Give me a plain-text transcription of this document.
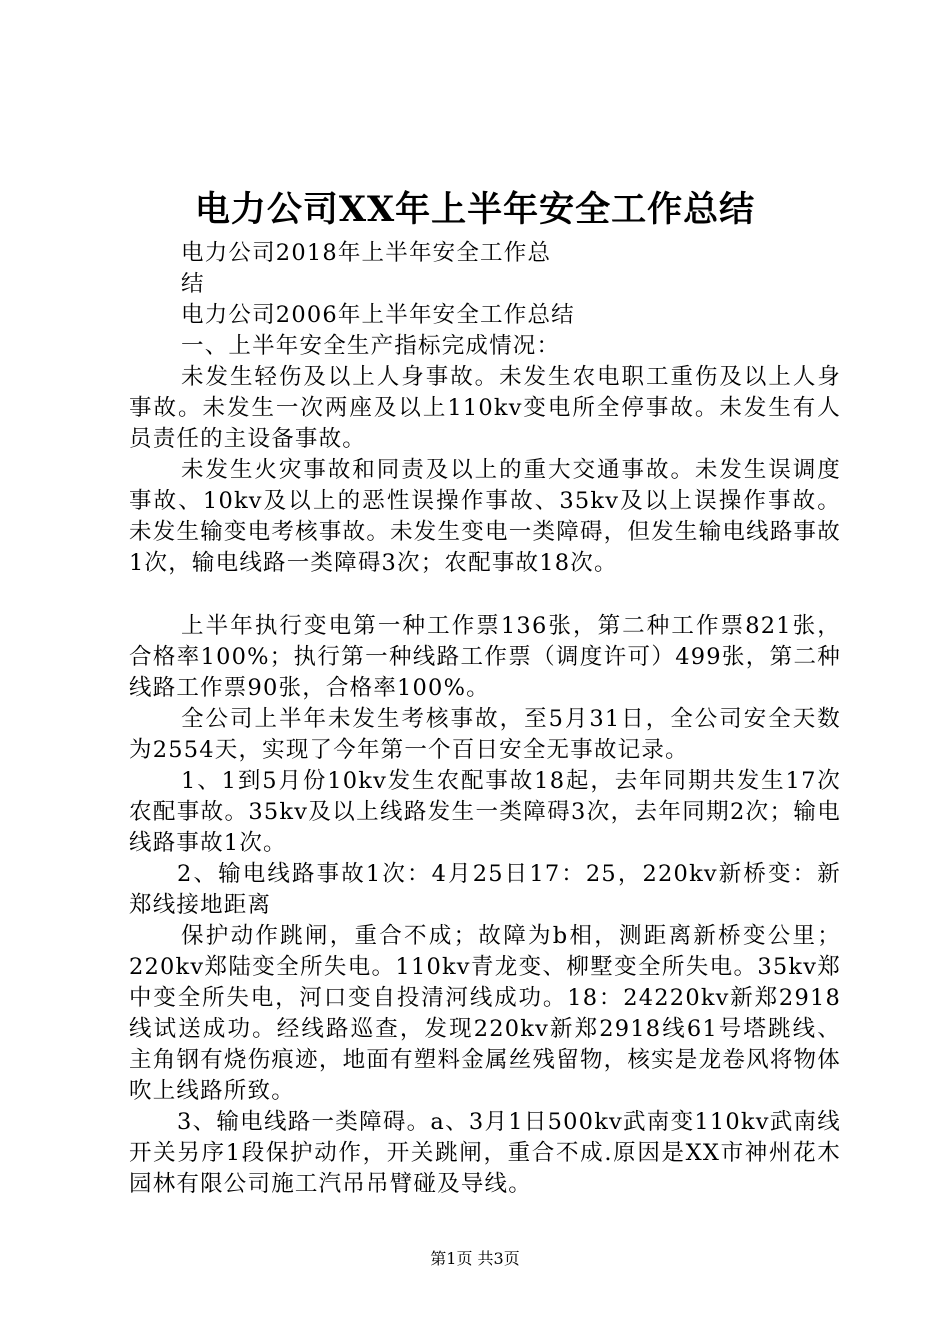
电力公司XX年上半年安全工作总结

电力公司2018年上半年安全工作总

结

电力公司2006年上半年安全工作总结

一、上半年安全生产指标完成情况：

未发生轻伤及以上人身事故。未发生农电职工重伤及以上人身事故。未发生一次两座及以上110kv变电所全停事故。未发生有人员责任的主设备事故。

未发生火灾事故和同责及以上的重大交通事故。未发生误调度事故、10kv及以上的恶性误操作事故、35kv及以上误操作事故。未发生输变电考核事故。未发生变电一类障碍，但发生输电线路事故1次，输电线路一类障碍3次；农配事故18次。

上半年执行变电第一种工作票136张，第二种工作票821张，合格率100%；执行第一种线路工作票（调度许可）499张，第二种线路工作票90张，合格率100%。

全公司上半年未发生考核事故，至5月31日，全公司安全天数为2554天，实现了今年第一个百日安全无事故记录。

1、1到5月份10kv发生农配事故18起，去年同期共发生17次农配事故。35kv及以上线路发生一类障碍3次，去年同期2次；输电线路事故1次。

2、输电线路事故1次：4月25日17：25，220kv新桥变：新郑线接地距离

保护动作跳闸，重合不成；故障为b相，测距离新桥变公里；220kv郑陆变全所失电。110kv青龙变、柳墅变全所失电。35kv郑中变全所失电，河口变自投清河线成功。18：24220kv新郑2918线试送成功。经线路巡查，发现220kv新郑2918线61号塔跳线、主角钢有烧伤痕迹，地面有塑料金属丝残留物，核实是龙卷风将物体吹上线路所致。

3、输电线路一类障碍。a、3月1日500kv武南变110kv武南线开关另序1段保护动作，开关跳闸，重合不成.原因是XX市神州花木园林有限公司施工汽吊吊臂碰及导线。

第1页 共3页
